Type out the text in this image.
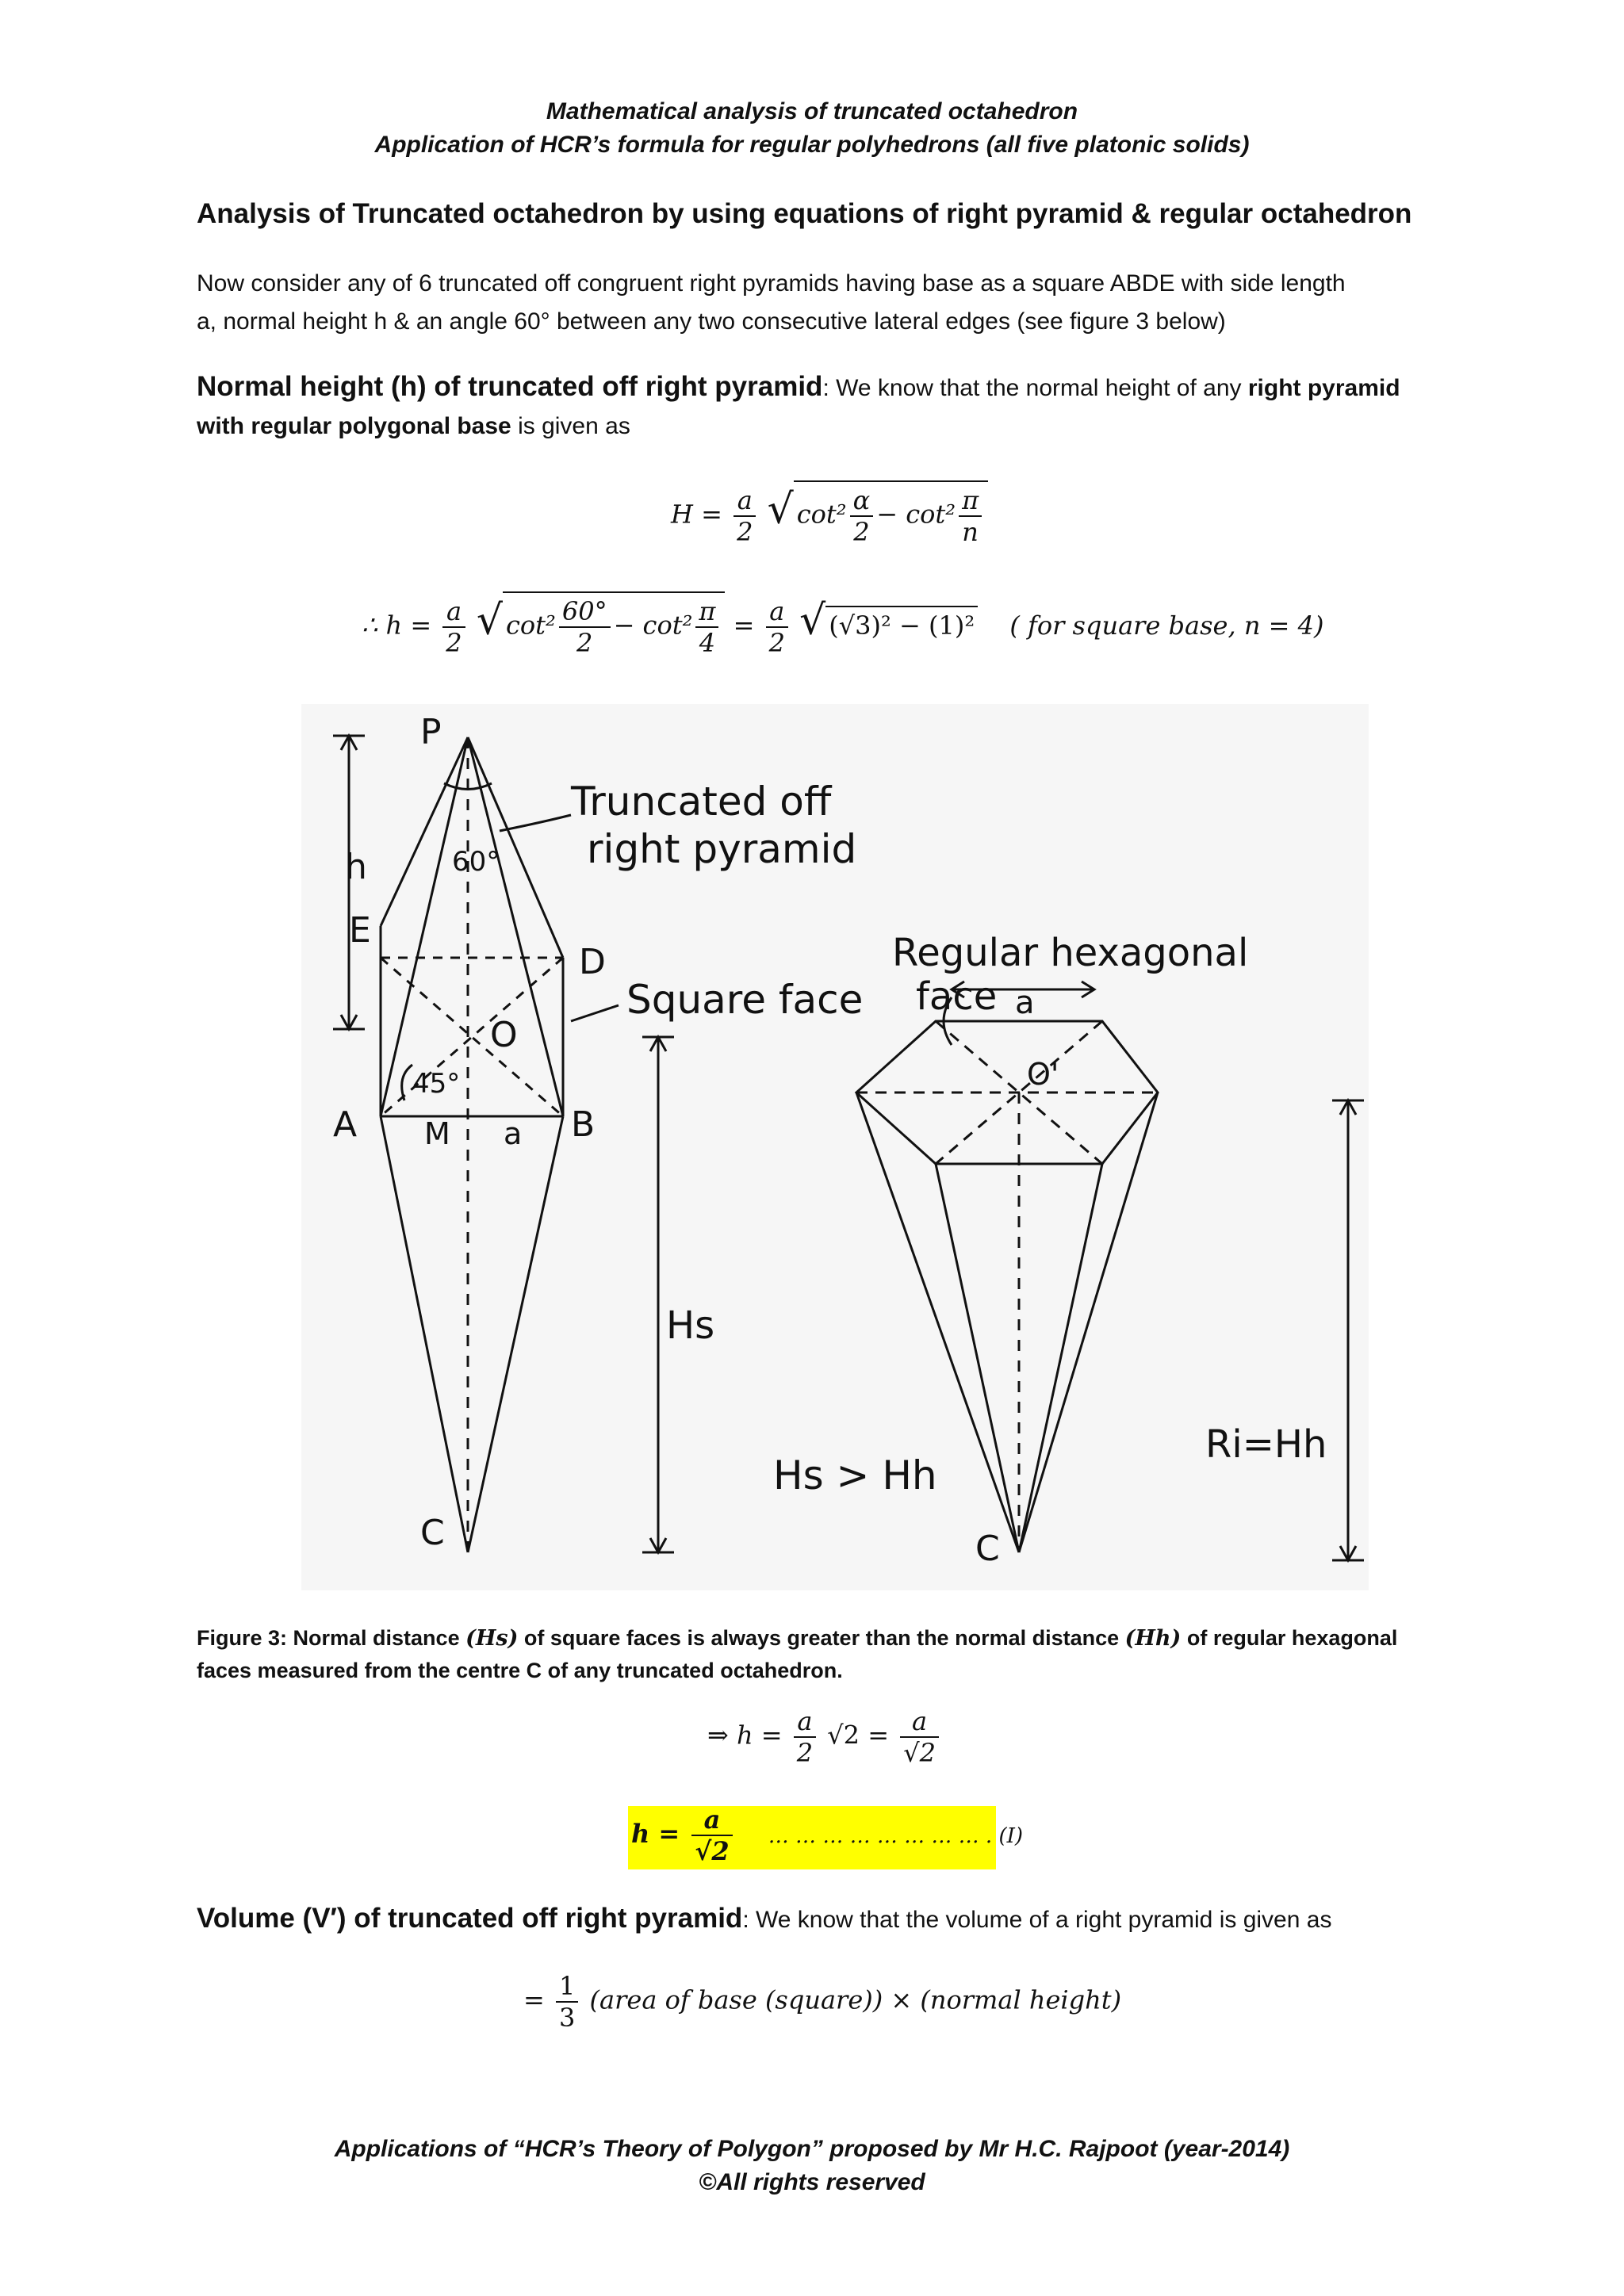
Mathematical analysis of truncated octahedron
Application of HCR’s formula for regular polyhedrons (all five platonic solids)
Analysis of Truncated octahedron by using equations of right pyramid & regular octahedron
Now consider any of 6 truncated off congruent right pyramids having base as a square ABDE with side length
a, normal height h & an angle 60° between any two consecutive lateral edges (see figure 3 below)
Normal height (h) of truncated off right pyramid: We know that the normal height of any right pyramid
with regular polygonal base is given as
$H = \frac{a}{2}$ √ $\cot^2 \frac{\alpha}{2} - \cot^2 \frac{\pi}{n}$
∴ $h = \frac{a}{2}$ √ $\cot^2 \frac{60^\circ}{2} - \cot^2 \frac{\pi}{4} = \frac{a}{2}$ √ (√3)² − (1)² ( for square base, n = 4)
P
h
E
D
A	B
M a
O
C
60°
45°
Hs
Truncated off
right pyramid
Square face
Regular hexagonal
face a
O'
Hs > Hh
Ri=Hh
C
Figure 3: Normal distance (Hs) of square faces is always greater than the normal distance (Hh) of regular hexagonal
faces measured from the centre C of any truncated octahedron.
⇒ $h = \frac{a}{2} √2 = \frac{a}{√2}$
$h = \frac{a}{√2}$ … … … … … … … … . (I)
Volume (V′) of truncated off right pyramid: We know that the volume of a right pyramid is given as
= $\frac{1}{3}$ (area of base (square)) × (normal height)
Applications of “HCR’s Theory of Polygon” proposed by Mr H.C. Rajpoot (year-2014)
©All rights reserved
